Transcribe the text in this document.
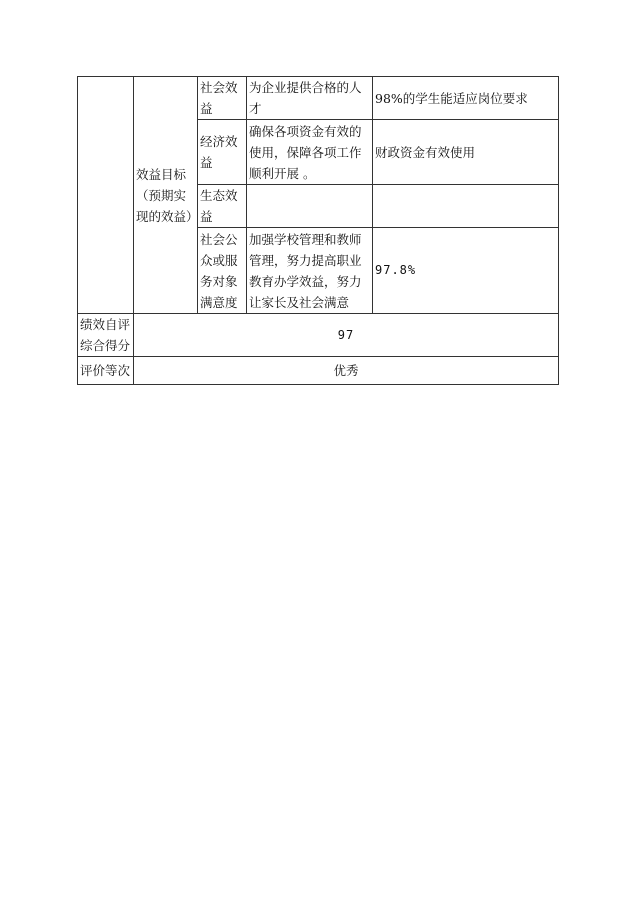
	效益目标（预期实现的效益）	社会效益	为企业提供合格的人才	98%的学生能适应岗位要求
		经济效益	确保各项资金有效的使用，保障各项工作顺利开展 。	财政资金有效使用
		生态效益		
		社会公众或服务对象满意度	加强学校管理和教师管理，努力提高职业教育办学效益，努力让家长及社会满意	97.8%
绩效自评综合得分	97			
评价等次	优秀			
